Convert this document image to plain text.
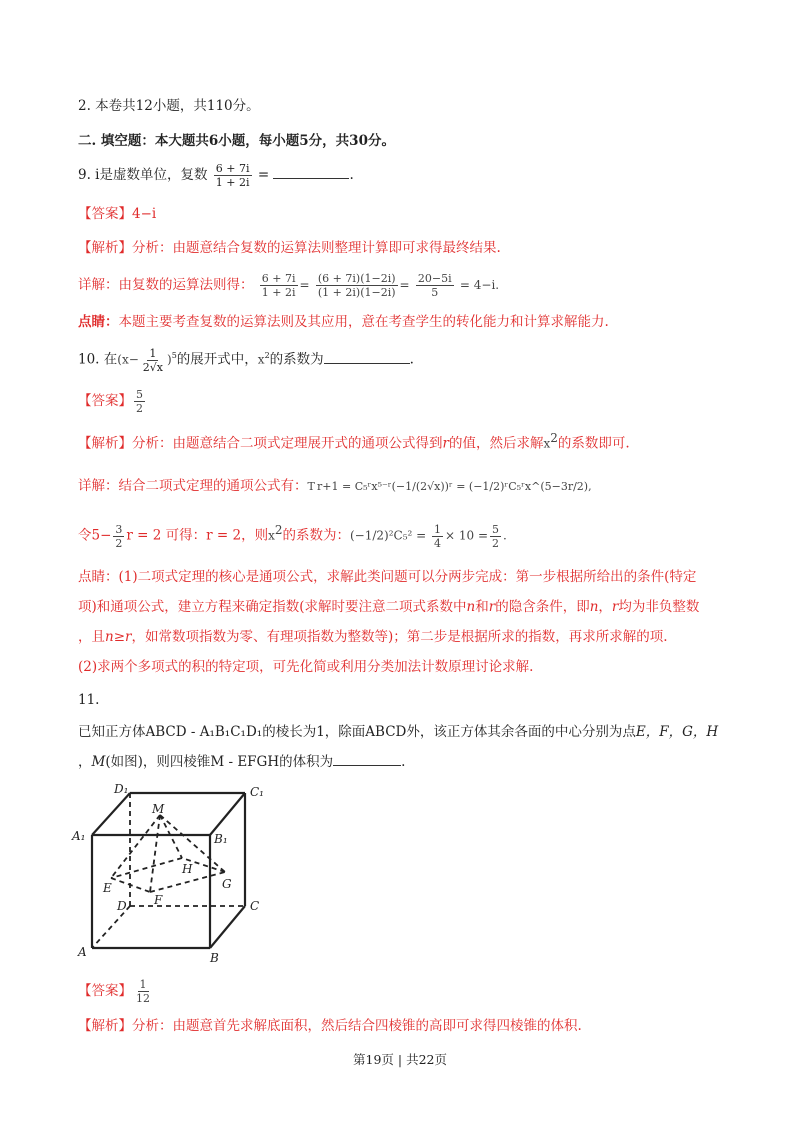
2. 本卷共12小题，共110分。
二. 填空题：本大题共6小题，每小题5分，共30分。
9. i是虚数单位，复数 $\frac{6 + 7i}{1 + 2i}$ =	.
【答案】4−i
【解析】分析：由题意结合复数的运算法则整理计算即可求得最终结果.
详解：由复数的运算法则得： $\frac{6 + 7i}{1 + 2i} = \frac{(6 + 7i)(1-2i)}{(1 + 2i)(1-2i)} = \frac{20-5i}{5} = 4-i$.
点睛：本题主要考查复数的运算法则及其应用，意在考查学生的转化能力和计算求解能力.
10. 在$(x- \frac{1}{2√x} )^5$的展开式中，$x^2$的系数为	.
【答案】 $\frac{5}{2}$
【解析】分析：由题意结合二项式定理展开式的通项公式得到r的值，然后求解$x^2$的系数即可.
详解：结合二项式定理的通项公式有：T r+1 = C₅ʳx⁵⁻ʳ(−1/(2√x))ʳ = (−1/2)ʳC₅ʳx^(5−3r/2),
令$5- \frac{3}{2}$ r = 2 可得：r = 2，则$x^2$的系数为：$(-1/2)^2C_5^2 = \frac{1}{4} \times 10 = \frac{5}{2}$ .
点睛：(1)二项式定理的核心是通项公式，求解此类问题可以分两步完成：第一步根据所给出的条件(特定
项)和通项公式，建立方程来确定指数(求解时要注意二项式系数中n和r的隐含条件，即n，r均为非负整数
，且n≥r，如常数项指数为零、有理项指数为整数等)；第二步是根据所求的指数，再求所求解的项.
(2)求两个多项式的积的特定项，可先化简或利用分类加法计数原理讨论求解.
11.
已知正方体ABCD - A₁B₁C₁D₁的棱长为1，除面ABCD外，该正方体其余各面的中心分别为点E，F，G，H
，M(如图)，则四棱锥M - EFGH的体积为	.
D₁	C₁
A₁	B₁
M
H
E	G
F
D	C
A	B
【答案】 $\frac{1}{12}$
【解析】分析：由题意首先求解底面积，然后结合四棱锥的高即可求得四棱锥的体积.
第19页 | 共22页
